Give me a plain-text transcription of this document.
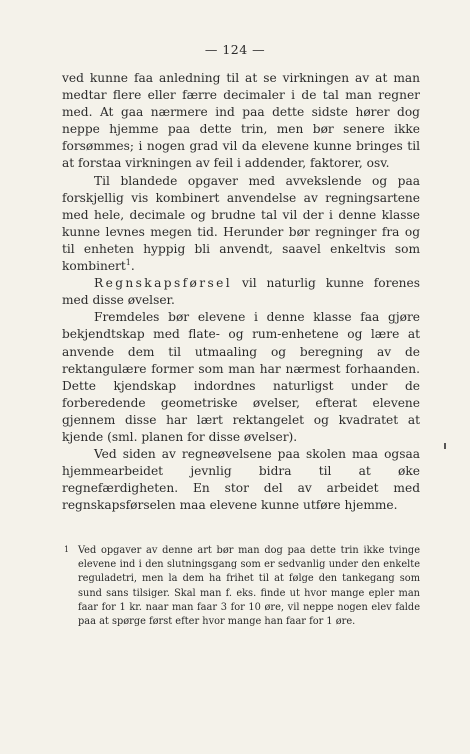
— 124 —

ved kunne faa anledning til at se virkningen av at man medtar flere eller færre decimaler i de tal man regner med. At gaa nærmere ind paa dette sidste hører dog neppe hjemme paa dette trin, men bør senere ikke forsømmes; i nogen grad vil da elevene kunne bringes til at forstaa virkningen av feil i addender, faktorer, osv.

Til blandede opgaver med avvekslende og paa forskjellig vis kombinert anvendelse av regningsartene med hele, decimale og brudne tal vil der i denne klasse kunne levnes megen tid. Herunder bør regninger fra og til enheten hyppig bli anvendt, saavel enkeltvis som kombinert$^1$.

Regnskapsførsel vil naturlig kunne forenes med disse øvelser.

Fremdeles bør elevene i denne klasse faa gjøre bekjendtskap med flate- og rum-enhetene og lære at anvende dem til utmaaling og beregning av de rektangulære former som man har nærmest forhaanden. Dette kjendskap indordnes naturligst under de forberedende geometriske øvelser, efterat elevene gjennem disse har lært rektangelet og kvadratet at kjende (sml. planen for disse øvelser).

Ved siden av regneøvelsene paa skolen maa ogsaa hjemmearbeidet jevnlig bidra til at øke regnefærdigheten. En stor del av arbeidet med regnskapsførselen maa elevene kunne utføre hjemme.

1 Ved opgaver av denne art bør man dog paa dette trin ikke tvinge elevene ind i den slutningsgang som er sedvanlig under den enkelte reguladetri, men la dem ha frihet til at følge den tankegang som sund sans tilsiger. Skal man f. eks. finde ut hvor mange epler man faar for 1 kr. naar man faar 3 for 10 øre, vil neppe nogen elev falde paa at spørge først efter hvor mange han faar for 1 øre.
